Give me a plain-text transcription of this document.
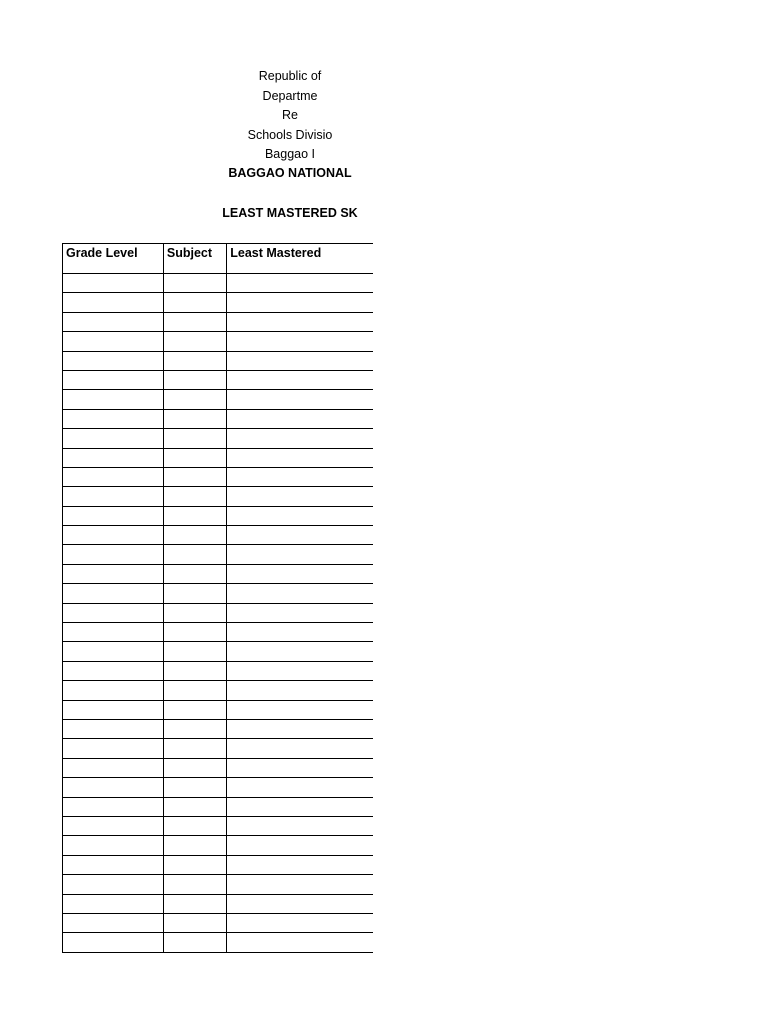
Republic of
Departme
Re
Schools Divisio
Baggao I
BAGGAO NATIONAL
LEAST MASTERED SK
Grade Level	Subject	Least Mastered
